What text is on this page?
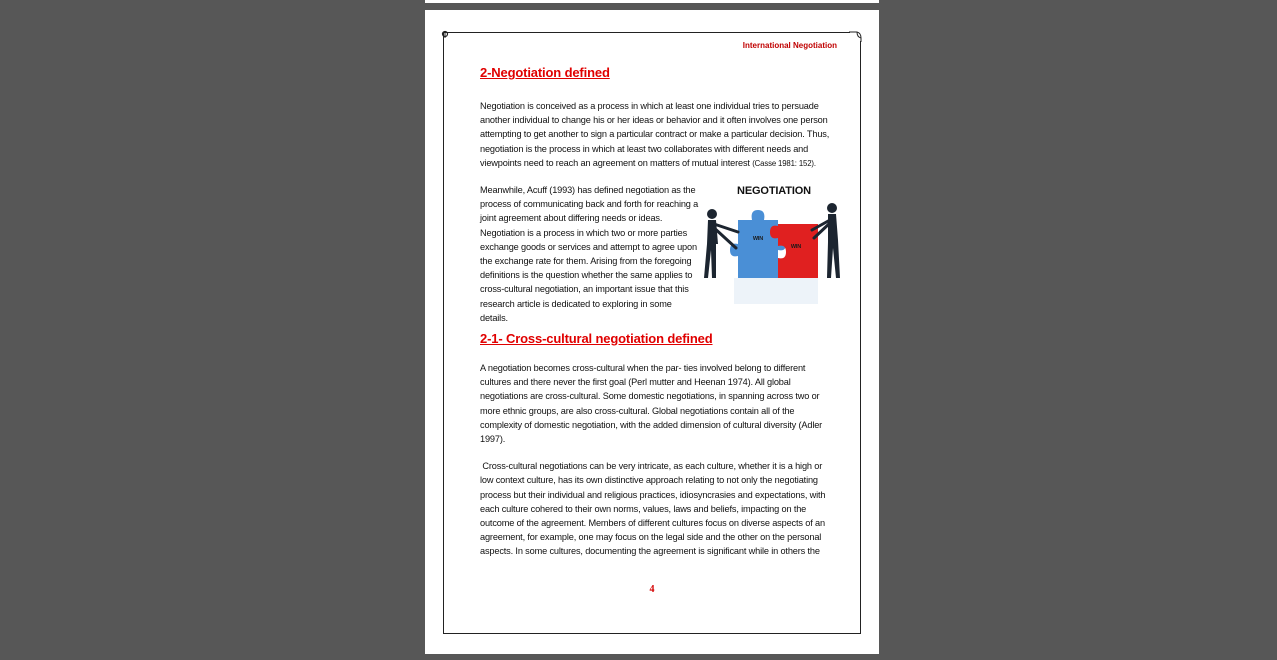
International Negotiation
2-Negotiation defined

Negotiation is conceived as a process in which at least one individual tries to persuade another individual to change his or her ideas or behavior and it often involves one person attempting to get another to sign a particular contract or make a particular decision. Thus, negotiation is the process in which at least two collaborates with different needs and viewpoints need to reach an agreement on matters of mutual interest (Casse 1981: 152).

Meanwhile, Acuff (1993) has defined negotiation as the process of communicating back and forth for reaching a joint agreement about differing needs or ideas. Negotiation is a process in which two or more parties exchange goods or services and attempt to agree upon the exchange rate for them. Arising from the foregoing definitions is the question whether the same applies to cross-cultural negotiation, an important issue that this research article is dedicated to exploring in some details.

NEGOTIATION
WIN
WIN
2-1- Cross-cultural negotiation defined

A negotiation becomes cross-cultural when the par- ties involved belong to different cultures and there never the first goal (Perl mutter and Heenan 1974). All global negotiations are cross-cultural. Some domestic negotiations, in spanning across two or more ethnic groups, are also cross-cultural. Global negotiations contain all of the complexity of domestic negotiation, with the added dimension of cultural diversity (Adler 1997).

Cross-cultural negotiations can be very intricate, as each culture, whether it is a high or low context culture, has its own distinctive approach relating to not only the negotiating process but their individual and religious practices, idiosyncrasies and expectations, with each culture cohered to their own norms, values, laws and beliefs, impacting on the outcome of the agreement. Members of different cultures focus on diverse aspects of an agreement, for example, one may focus on the legal side and the other on the personal aspects. In some cultures, documenting the agreement is significant while in others the

4
